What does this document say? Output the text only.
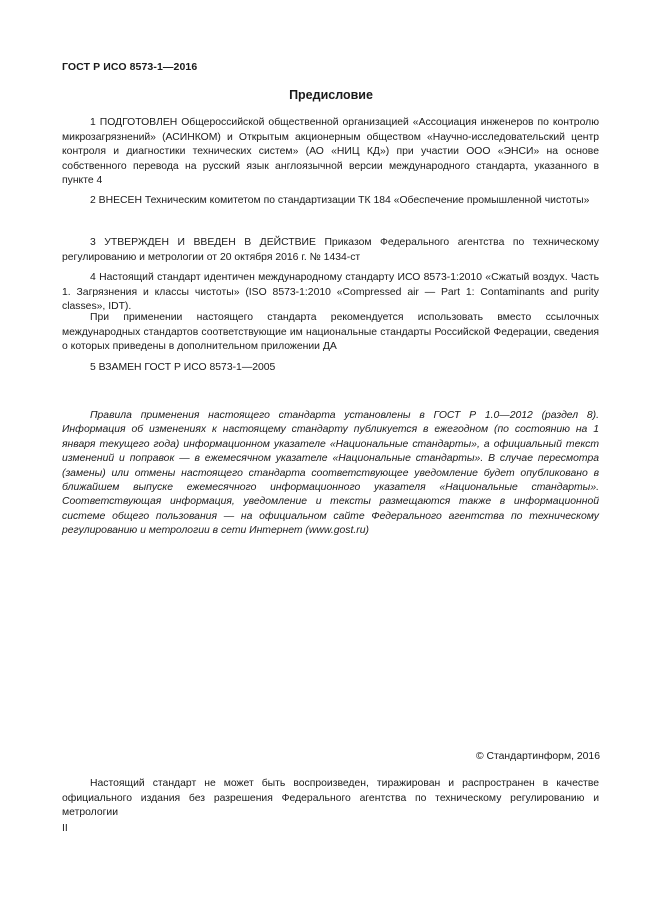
ГОСТ Р ИСО 8573-1—2016
Предисловие

1 ПОДГОТОВЛЕН Общероссийской общественной организацией «Ассоциация инженеров по контролю микрозагрязнений» (АСИНКОМ) и Открытым акционерным обществом «Научно-исследовательский центр контроля и диагностики технических систем» (АО «НИЦ КД») при участии ООО «ЭНСИ» на основе собственного перевода на русский язык англоязычной версии международного стандарта, указанного в пункте 4

2 ВНЕСЕН Техническим комитетом по стандартизации ТК 184 «Обеспечение промышленной чистоты»

3 УТВЕРЖДЕН И ВВЕДЕН В ДЕЙСТВИЕ Приказом Федерального агентства по техническому регулированию и метрологии от 20 октября 2016 г. № 1434-ст

4 Настоящий стандарт идентичен международному стандарту ИСО 8573-1:2010 «Сжатый воздух. Часть 1. Загрязнения и классы чистоты» (ISO 8573-1:2010 «Compressed air — Part 1: Contaminants and purity classes», IDT).

При применении настоящего стандарта рекомендуется использовать вместо ссылочных международных стандартов соответствующие им национальные стандарты Российской Федерации, сведения о которых приведены в дополнительном приложении ДА

5 ВЗАМЕН ГОСТ Р ИСО 8573-1—2005

Правила применения настоящего стандарта установлены в ГОСТ Р 1.0—2012 (раздел 8). Информация об изменениях к настоящему стандарту публикуется в ежегодном (по состоянию на 1 января текущего года) информационном указателе «Национальные стандарты», а официальный текст изменений и поправок — в ежемесячном указателе «Национальные стандарты». В случае пересмотра (замены) или отмены настоящего стандарта соответствующее уведомление будет опубликовано в ближайшем выпуске ежемесячного информационного указателя «Национальные стандарты». Соответствующая информация, уведомление и тексты размещаются также в информационной системе общего пользования — на официальном сайте Федерального агентства по техническому регулированию и метрологии в сети Интернет (www.gost.ru)

© Стандартинформ, 2016

Настоящий стандарт не может быть воспроизведен, тиражирован и распространен в качестве официального издания без разрешения Федерального агентства по техническому регулированию и метрологии

II
